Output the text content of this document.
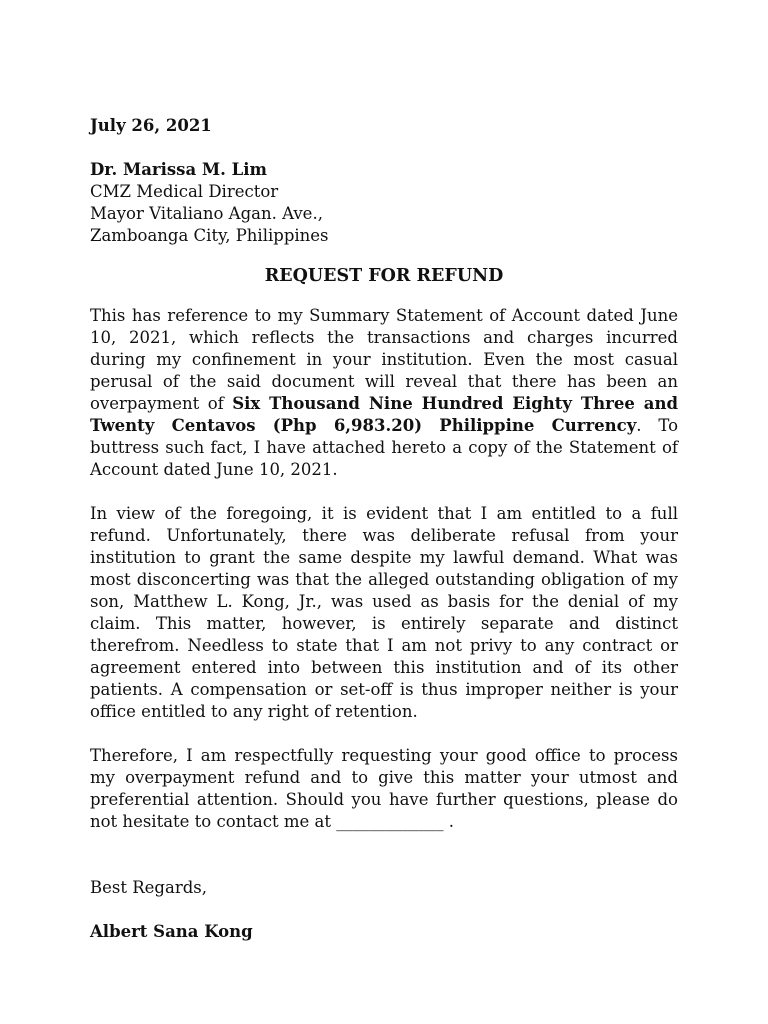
July 26, 2021

Dr. Marissa M. Lim

CMZ Medical Director

Mayor Vitaliano Agan. Ave.,

Zamboanga City, Philippines

REQUEST FOR REFUND

This has reference to my Summary Statement of Account dated June 10, 2021, which reflects the transactions and charges incurred during my confinement in your institution. Even the most casual perusal of the said document will reveal that there has been an overpayment of Six Thousand Nine Hundred Eighty Three and Twenty Centavos (Php 6,983.20) Philippine Currency. To buttress such fact, I have attached hereto a copy of the Statement of Account dated June 10, 2021.

In view of the foregoing, it is evident that I am entitled to a full refund. Unfortunately, there was deliberate refusal from your institution to grant the same despite my lawful demand. What was most disconcerting was that the alleged outstanding obligation of my son, Matthew L. Kong, Jr., was used as basis for the denial of my claim. This matter, however, is entirely separate and distinct therefrom. Needless to state that I am not privy to any contract or agreement entered into between this institution and of its other patients. A compensation or set-off is thus improper neither is your office entitled to any right of retention.

Therefore, I am respectfully requesting your good office to process my overpayment refund and to give this matter your utmost and preferential attention. Should you have further questions, please do not hesitate to contact me at _____________ .

Best Regards,

Albert Sana Kong
